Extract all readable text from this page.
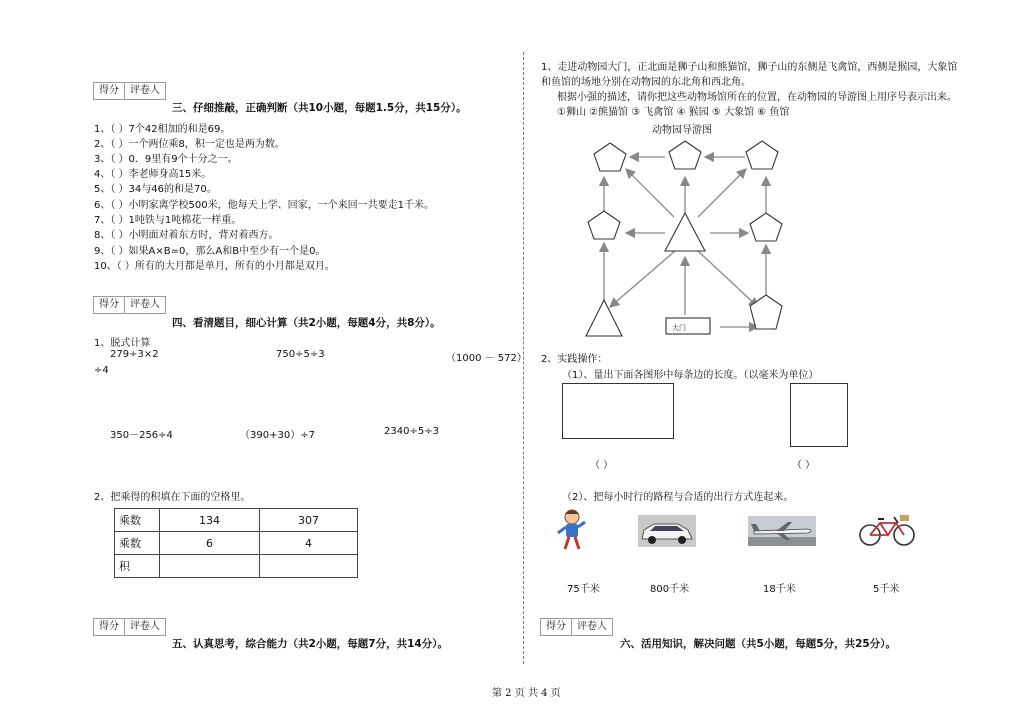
得分	评卷人
三、仔细推敲，正确判断（共10小题，每题1.5分，共15分）。
1、（ ）7个42相加的和是69。
2、（ ）一个两位乘8，积一定也是两为数。
3、（ ）0．9里有9个十分之一。
4、（ ）李老师身高15米。
5、（ ）34与46的和是70。
6、（ ）小明家离学校500米，他每天上学、回家，一个来回一共要走1千米。
7、（ ）1吨铁与1吨棉花一样重。
8、（ ）小明面对着东方时，背对着西方。
9、（ ）如果A×B=0，那么A和B中至少有一个是0。
10、（ ）所有的大月都是单月，所有的小月都是双月。
得分	评卷人
四、看清题目，细心计算（共2小题，每题4分，共8分）。
1、脱式计算
279÷3×2	750÷5÷3	（1000 － 572）
÷4
350－256÷4	（390+30）÷7	2340÷5÷3
2、把乘得的积填在下面的空格里。
乘数	134	307
乘数	6	4
积		
得分	评卷人
五、认真思考，综合能力（共2小题，每题7分，共14分）。
1、走进动物园大门，正北面是狮子山和熊猫馆，狮子山的东侧是飞禽馆，西侧是猴园，大象馆
和鱼馆的场地分别在动物园的东北角和西北角。
根据小强的描述，请你把这些动物场馆所在的位置，在动物园的导游图上用序号表示出来。
①狮山 ②熊猫馆 ③ 飞禽馆 ④ 猴园 ⑤ 大象馆 ⑥ 鱼馆
动物园导游图
大门
2、实践操作：
（1）、量出下面各图形中每条边的长度。（以毫米为单位）
（ ）	（ ）
（2）、把每小时行的路程与合适的出行方式连起来。
75千米	800千米	18千米	5千米
得分	评卷人
六、活用知识，解决问题（共5小题，每题5分，共25分）。
第 2 页 共 4 页
